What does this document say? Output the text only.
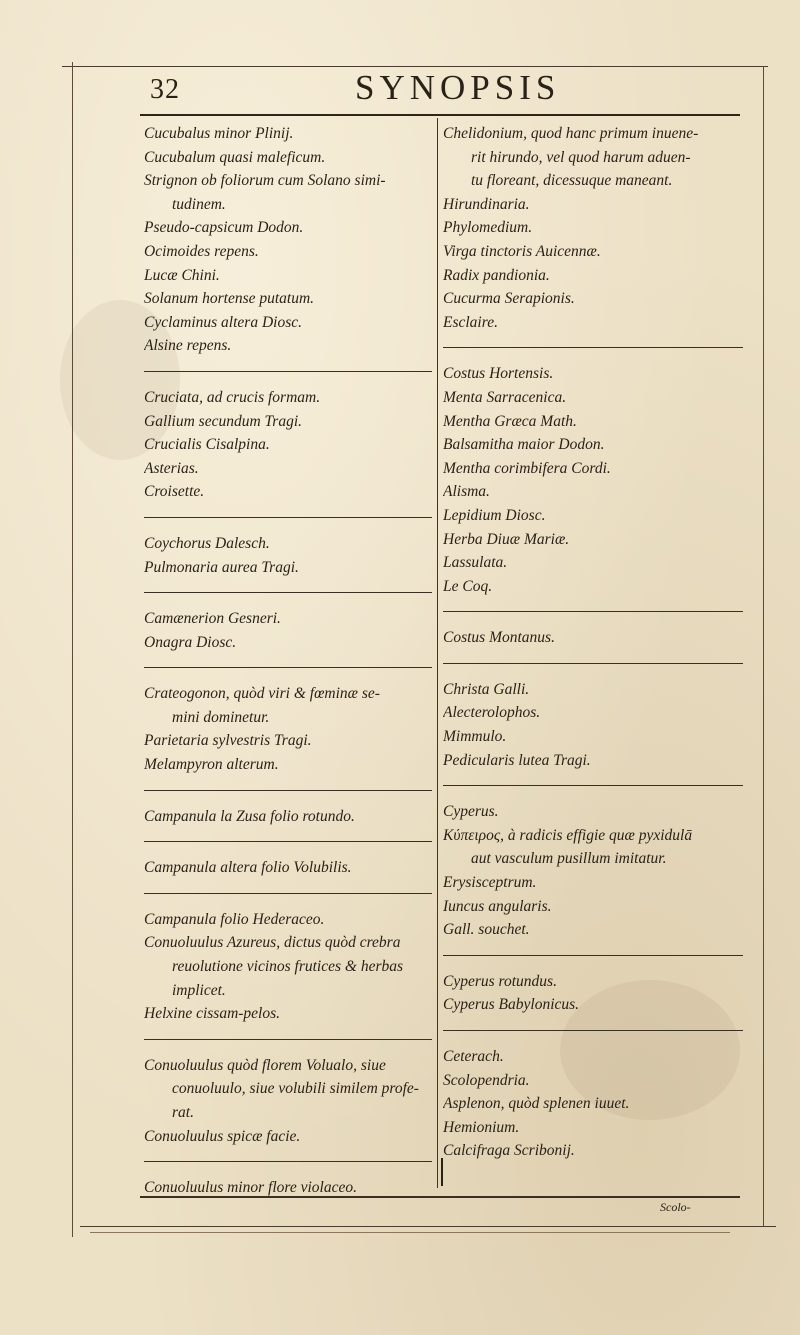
32	SYNOPSIS
Cucubalus minor Plinij.
Cucubalum quasi maleficum.
Strignon ob foliorum cum Solano simi-
tudinem.
Pseudo-capsicum Dodon.
Ocimoides repens.
Lucæ Chini.
Solanum hortense putatum.
Cyclaminus altera Diosc.
Alsine repens.
Cruciata, ad crucis formam.
Gallium secundum Tragi.
Crucialis Cisalpina.
Asterias.
Croisette.
Coychorus Dalesch.
Pulmonaria aurea Tragi.
Camænerion Gesneri.
Onagra Diosc.
Crateogonon, quòd viri & fœminæ se-
mini dominetur.
Parietaria sylvestris Tragi.
Melampyron alterum.
Campanula la Zusa folio rotundo.
Campanula altera folio Volubilis.
Campanula folio Hederaceo.
Conuoluulus Azureus, dictus quòd crebra
reuolutione vicinos frutices & herbas
implicet.
Helxine cissam-pelos.
Conuoluulus quòd florem Volualo, siue
conuoluulo, siue volubili similem profe-
rat.
Conuoluulus spicæ facie.
Conuoluulus minor flore violaceo.
Chelidonium, quod hanc primum inuene-
rit hirundo, vel quod harum aduen-
tu floreant, dicessuque maneant.
Hirundinaria.
Phylomedium.
Virga tinctoris Auicennæ.
Radix pandionia.
Cucurma Serapionis.
Esclaire.
Costus Hortensis.
Menta Sarracenica.
Mentha Græca Math.
Balsamitha maior Dodon.
Mentha corimbifera Cordi.
Alisma.
Lepidium Diosc.
Herba Diuæ Mariæ.
Lassulata.
Le Coq.
Costus Montanus.
Christa Galli.
Alecterolophos.
Mimmulo.
Pedicularis lutea Tragi.
Cyperus.
Κύπειρος, à radicis effigie quæ pyxidulā
aut vasculum pusillum imitatur.
Erysisceptrum.
Iuncus angularis.
Gall. souchet.
Cyperus rotundus.
Cyperus Babylonicus.
Ceterach.
Scolopendria.
Asplenon, quòd splenen iuuet.
Hemionium.
Calcifraga Scribonij.
Scolo-
